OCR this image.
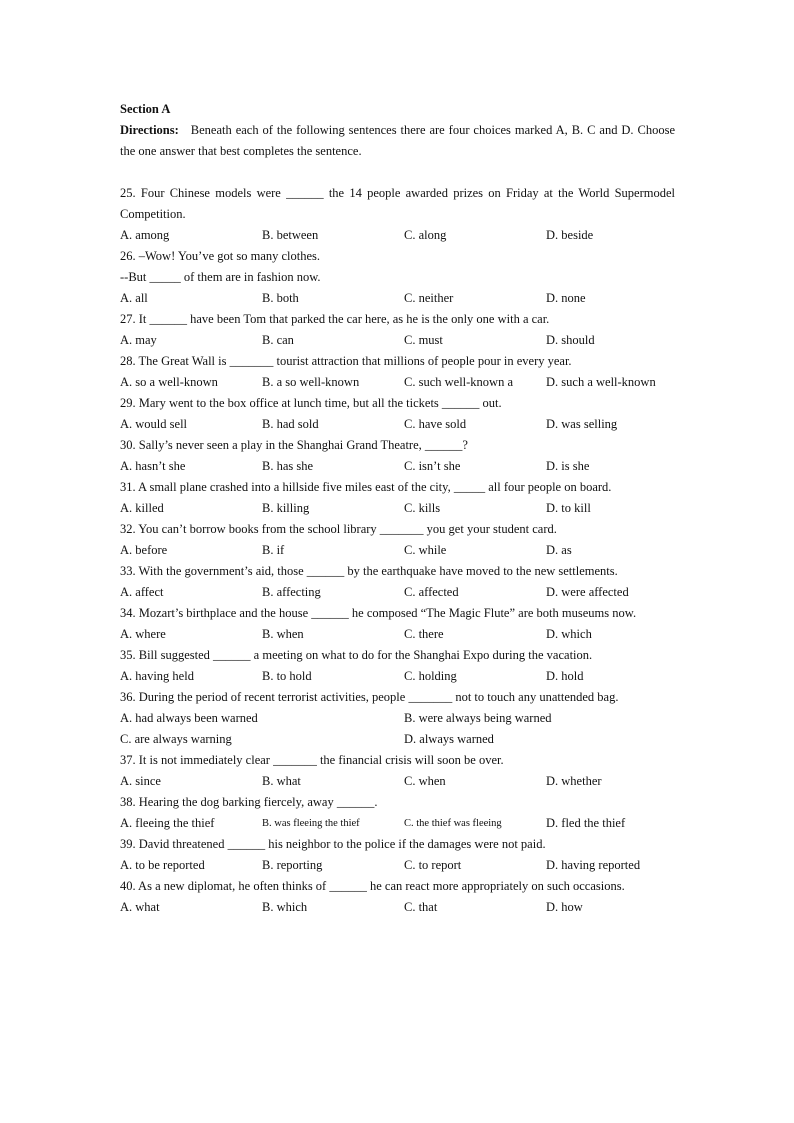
Section A
Directions: Beneath each of the following sentences there are four choices marked A, B. C and D. Choose the one answer that best completes the sentence.
25. Four Chinese models were ______ the 14 people awarded prizes on Friday at the World Supermodel Competition.
A. among	B. between	C. along	D. beside
26. –Wow! You’ve got so many clothes.
--But _____ of them are in fashion now.
A. all	B. both	C. neither	D. none
27. It ______ have been Tom that parked the car here, as he is the only one with a car.
A. may	B. can	C. must	D. should
28. The Great Wall is _______ tourist attraction that millions of people pour in every year.
A. so a well-known	B. a so well-known	C. such well-known a	D. such a well-known
29. Mary went to the box office at lunch time, but all the tickets ______ out.
A. would sell	B. had sold	C. have sold	D. was selling
30. Sally’s never seen a play in the Shanghai Grand Theatre, ______?
A. hasn’t she	B. has she	C. isn’t she	D. is she
31. A small plane crashed into a hillside five miles east of the city, _____ all four people on board.
A. killed	B. killing	C. kills	D. to kill
32. You can’t borrow books from the school library _______ you get your student card.
A. before	B. if	C. while	D. as
33. With the government’s aid, those ______ by the earthquake have moved to the new settlements.
A. affect	B. affecting	C. affected	D. were affected
34. Mozart’s birthplace and the house ______ he composed “The Magic Flute” are both museums now.
A. where	B. when	C. there	D. which
35. Bill suggested ______ a meeting on what to do for the Shanghai Expo during the vacation.
A. having held	B. to hold	C. holding	D. hold
36. During the period of recent terrorist activities, people _______ not to touch any unattended bag.
A. had always been warned	B. were always being warned
C. are always warning	D. always warned
37. It is not immediately clear _______ the financial crisis will soon be over.
A. since	B. what	C. when	D. whether
38. Hearing the dog barking fiercely, away ______.
A. fleeing the thief	B. was fleeing the thief	C. the thief was fleeing	D. fled the thief
39. David threatened ______ his neighbor to the police if the damages were not paid.
A. to be reported	B. reporting	C. to report	D. having reported
40. As a new diplomat, he often thinks of ______ he can react more appropriately on such occasions.
A. what	B. which	C. that	D. how
